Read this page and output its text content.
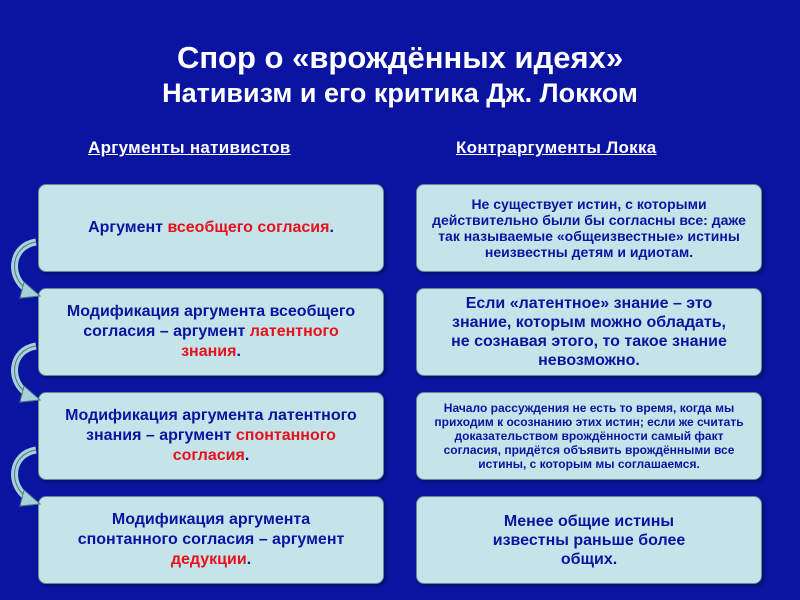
Спор о «врождённых идеях»
Нативизм и его критика Дж. Локком
Аргументы нативистов	Контраргументы Локка
Аргумент всеобщего согласия.
Модификация аргумента всеобщего согласия – аргумент латентного знания.
Модификация аргумента латентного знания – аргумент спонтанного согласия.
Модификация аргумента спонтанного согласия – аргумент дедукции.
Не существует истин, с которыми действительно были бы согласны все: даже так называемые «общеизвестные» истины неизвестны детям и идиотам.
Если «латентное» знание – это знание, которым можно обладать, не сознавая этого, то такое знание невозможно.
Начало рассуждения не есть то время, когда мы приходим к осознанию этих истин; если же считать доказательством врождённости самый факт согласия, придётся объявить врождёнными все истины, с которым мы соглашаемся.
Менее общие истины известны раньше более общих.
